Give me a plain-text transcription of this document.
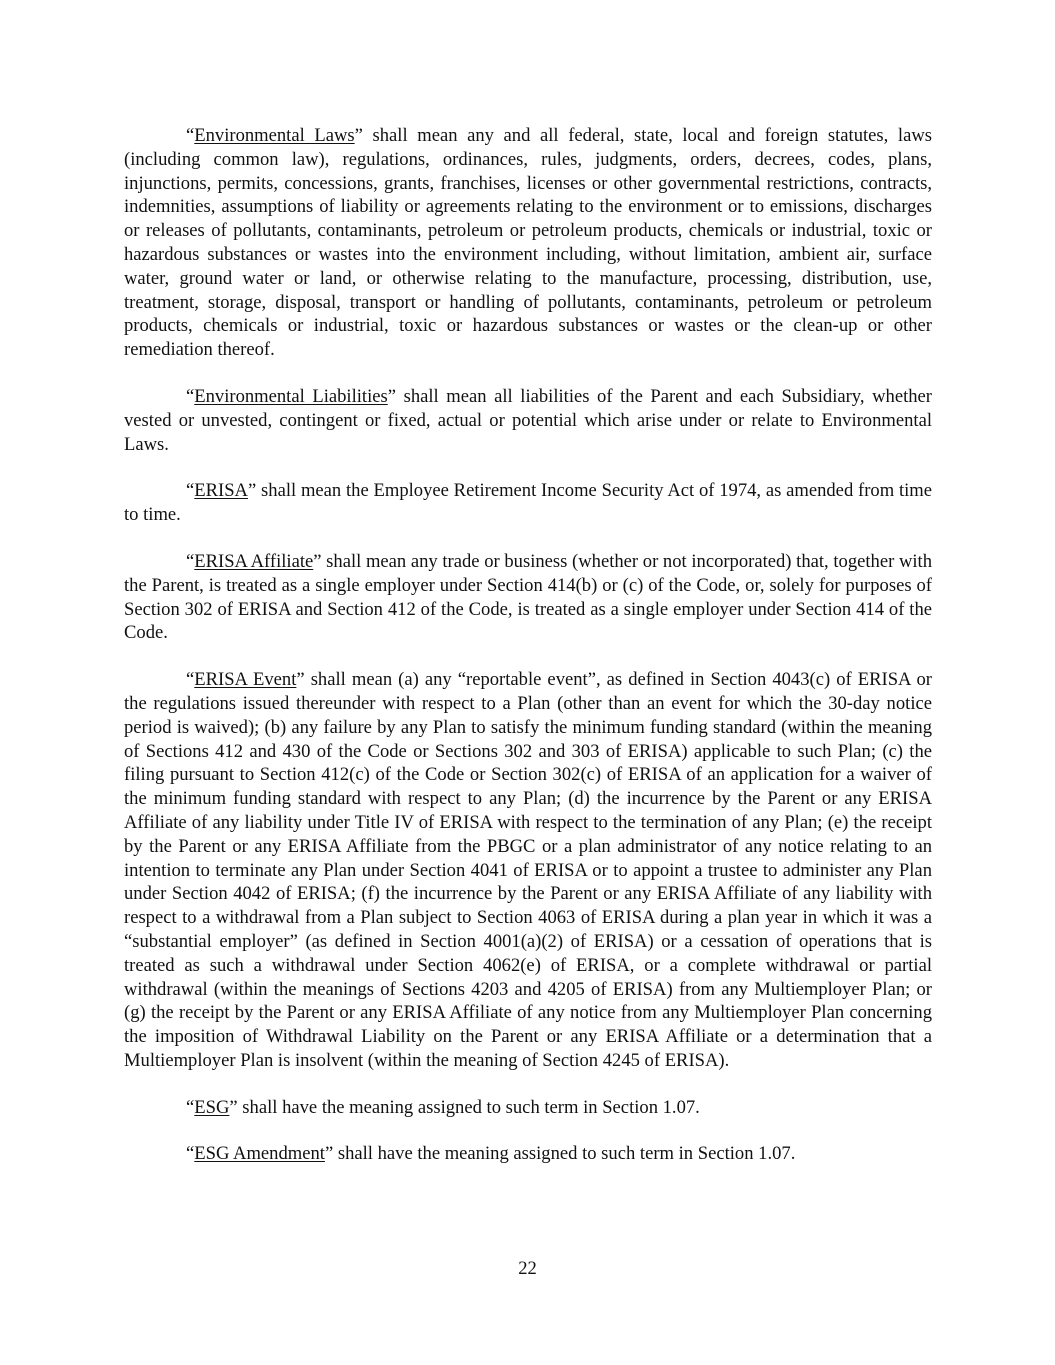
“Environmental Laws” shall mean any and all federal, state, local and foreign statutes, laws (including common law), regulations, ordinances, rules, judgments, orders, decrees, codes, plans, injunctions, permits, concessions, grants, franchises, licenses or other governmental restrictions, contracts, indemnities, assumptions of liability or agreements relating to the environment or to emissions, discharges or releases of pollutants, contaminants, petroleum or petroleum products, chemicals or industrial, toxic or hazardous substances or wastes into the environment including, without limitation, ambient air, surface water, ground water or land, or otherwise relating to the manufacture, processing, distribution, use, treatment, storage, disposal, transport or handling of pollutants, contaminants, petroleum or petroleum products, chemicals or industrial, toxic or hazardous substances or wastes or the clean-up or other remediation thereof.

“Environmental Liabilities” shall mean all liabilities of the Parent and each Subsidiary, whether vested or unvested, contingent or fixed, actual or potential which arise under or relate to Environmental Laws.

“ERISA” shall mean the Employee Retirement Income Security Act of 1974, as amended from time to time.

“ERISA Affiliate” shall mean any trade or business (whether or not incorporated) that, together with the Parent, is treated as a single employer under Section 414(b) or (c) of the Code, or, solely for purposes of Section 302 of ERISA and Section 412 of the Code, is treated as a single employer under Section 414 of the Code.

“ERISA Event” shall mean (a) any “reportable event”, as defined in Section 4043(c) of ERISA or the regulations issued thereunder with respect to a Plan (other than an event for which the 30-day notice period is waived); (b) any failure by any Plan to satisfy the minimum funding standard (within the meaning of Sections 412 and 430 of the Code or Sections 302 and 303 of ERISA) applicable to such Plan; (c) the filing pursuant to Section 412(c) of the Code or Section 302(c) of ERISA of an application for a waiver of the minimum funding standard with respect to any Plan; (d) the incurrence by the Parent or any ERISA Affiliate of any liability under Title IV of ERISA with respect to the termination of any Plan; (e) the receipt by the Parent or any ERISA Affiliate from the PBGC or a plan administrator of any notice relating to an intention to terminate any Plan under Section 4041 of ERISA or to appoint a trustee to administer any Plan under Section 4042 of ERISA; (f) the incurrence by the Parent or any ERISA Affiliate of any liability with respect to a withdrawal from a Plan subject to Section 4063 of ERISA during a plan year in which it was a “substantial employer” (as defined in Section 4001(a)(2) of ERISA) or a cessation of operations that is treated as such a withdrawal under Section 4062(e) of ERISA, or a complete withdrawal or partial withdrawal (within the meanings of Sections 4203 and 4205 of ERISA) from any Multiemployer Plan; or (g) the receipt by the Parent or any ERISA Affiliate of any notice from any Multiemployer Plan concerning the imposition of Withdrawal Liability on the Parent or any ERISA Affiliate or a determination that a Multiemployer Plan is insolvent (within the meaning of Section 4245 of ERISA).

“ESG” shall have the meaning assigned to such term in Section 1.07.

“ESG Amendment” shall have the meaning assigned to such term in Section 1.07.

22
